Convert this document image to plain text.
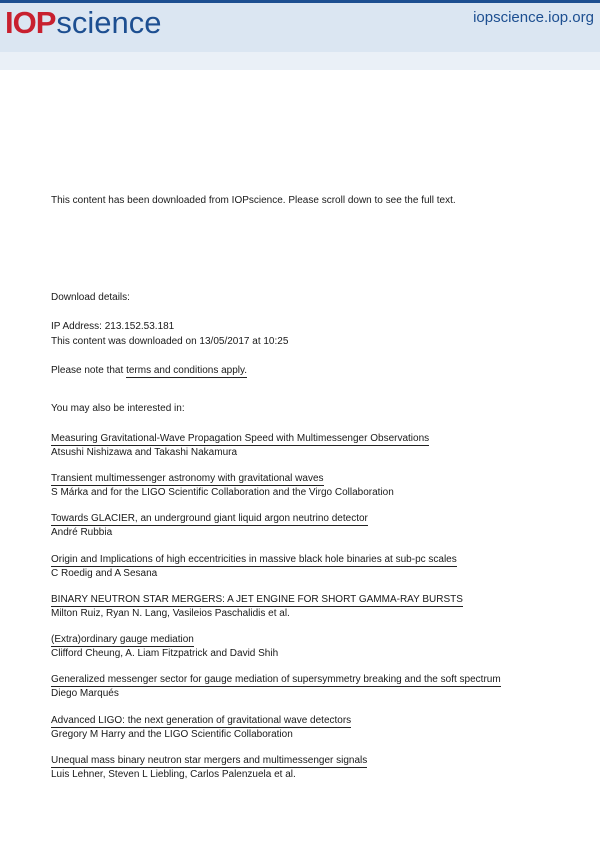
IOP science	iopscience.iop.org
This content has been downloaded from IOPscience. Please scroll down to see the full text.
Download details:
IP Address: 213.152.53.181
This content was downloaded on 13/05/2017 at 10:25
Please note that terms and conditions apply.
You may also be interested in:
Measuring Gravitational-Wave Propagation Speed with Multimessenger Observations
Atsushi Nishizawa and Takashi Nakamura
Transient multimessenger astronomy with gravitational waves
S Márka and for the LIGO Scientific Collaboration and the Virgo Collaboration
Towards GLACIER, an underground giant liquid argon neutrino detector
André Rubbia
Origin and Implications of high eccentricities in massive black hole binaries at sub-pc scales
C Roedig and A Sesana
BINARY NEUTRON STAR MERGERS: A JET ENGINE FOR SHORT GAMMA-RAY BURSTS
Milton Ruiz, Ryan N. Lang, Vasileios Paschalidis et al.
(Extra)ordinary gauge mediation
Clifford Cheung, A. Liam Fitzpatrick and David Shih
Generalized messenger sector for gauge mediation of supersymmetry breaking and the soft spectrum
Diego Marqués
Advanced LIGO: the next generation of gravitational wave detectors
Gregory M Harry and the LIGO Scientific Collaboration
Unequal mass binary neutron star mergers and multimessenger signals
Luis Lehner, Steven L Liebling, Carlos Palenzuela et al.
